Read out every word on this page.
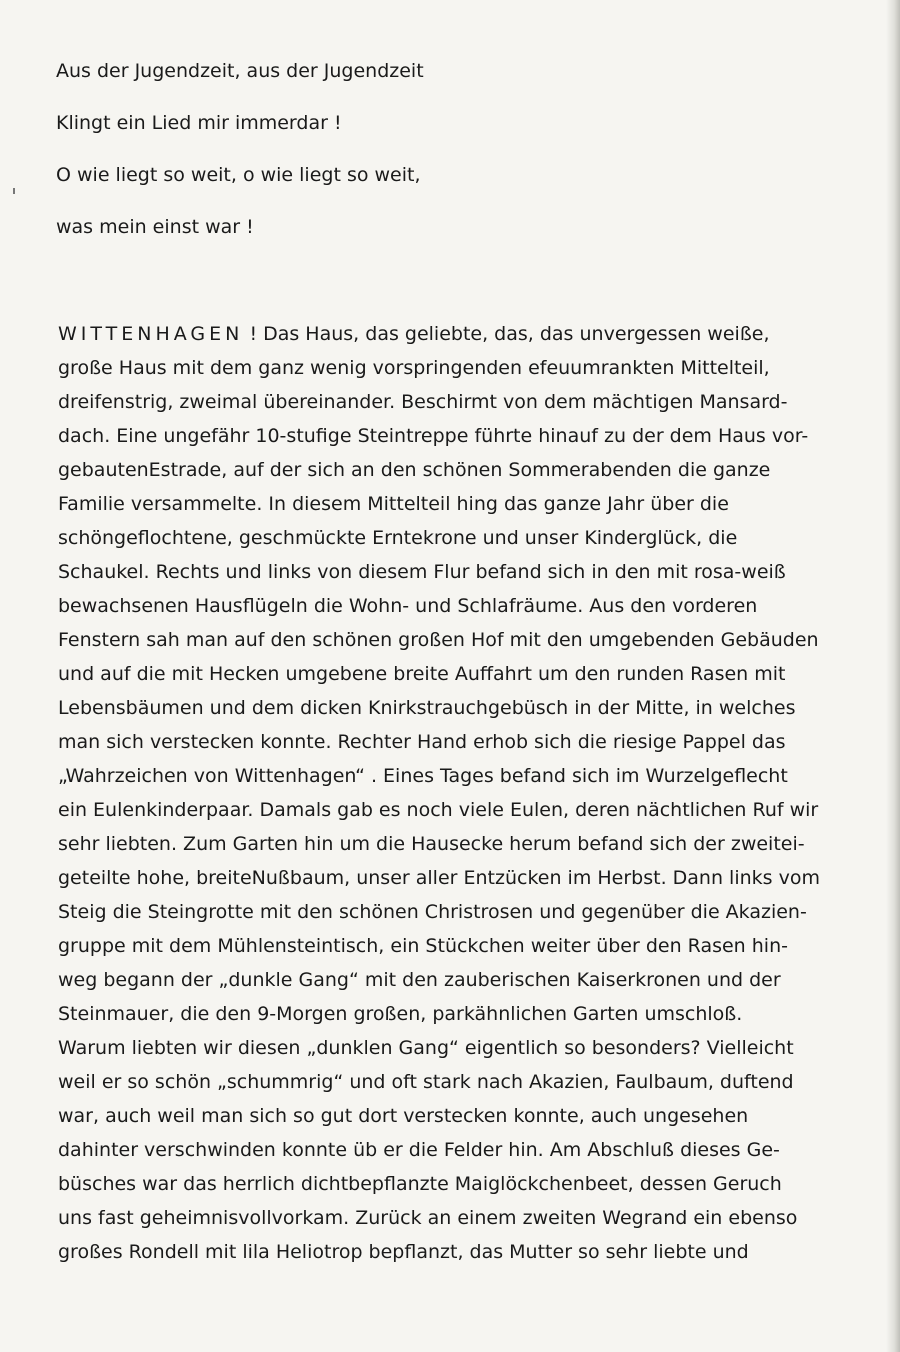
Aus der Jugendzeit, aus der Jugendzeit
Klingt ein Lied mir immerdar !
O wie liegt so weit, o wie liegt so weit,
was mein einst war !
WITTENHAGEN ! Das Haus, das geliebte, das, das unvergessen weiße,
große Haus mit dem ganz wenig vorspringenden efeuumrankten Mittelteil,
dreifenstrig, zweimal übereinander. Beschirmt von dem mächtigen Mansard-
dach. Eine ungefähr 10-stufige Steintreppe führte hinauf zu der dem Haus vor-
gebautenEstrade, auf der sich an den schönen Sommerabenden die ganze
Familie versammelte. In diesem Mittelteil hing das ganze Jahr über die
schöngeflochtene, geschmückte Erntekrone und unser Kinderglück, die
Schaukel. Rechts und links von diesem Flur befand sich in den mit rosa-weiß
bewachsenen Hausflügeln die Wohn- und Schlafräume. Aus den vorderen
Fenstern sah man auf den schönen großen Hof mit den umgebenden Gebäuden
und auf die mit Hecken umgebene breite Auffahrt um den runden Rasen mit
Lebensbäumen und dem dicken Knirkstrauchgebüsch in der Mitte, in welches
man sich verstecken konnte. Rechter Hand erhob sich die riesige Pappel das
„Wahrzeichen von Wittenhagen“ . Eines Tages befand sich im Wurzelgeflecht
ein Eulenkinderpaar. Damals gab es noch viele Eulen, deren nächtlichen Ruf wir
sehr liebten. Zum Garten hin um die Hausecke herum befand sich der zweitei-
geteilte hohe, breiteNußbaum, unser aller Entzücken im Herbst. Dann links vom
Steig die Steingrotte mit den schönen Christrosen und gegenüber die Akazien-
gruppe mit dem Mühlensteintisch, ein Stückchen weiter über den Rasen hin-
weg begann der „dunkle Gang“ mit den zauberischen Kaiserkronen und der
Steinmauer, die den 9-Morgen großen, parkähnlichen Garten umschloß.
Warum liebten wir diesen „dunklen Gang“ eigentlich so besonders? Vielleicht
weil er so schön „schummrig“ und oft stark nach Akazien, Faulbaum, duftend
war, auch weil man sich so gut dort verstecken konnte, auch ungesehen
dahinter verschwinden konnte üb er die Felder hin. Am Abschluß dieses Ge-
büsches war das herrlich dichtbepflanzte Maiglöckchenbeet, dessen Geruch
uns fast geheimnisvollvorkam. Zurück an einem zweiten Wegrand ein ebenso
großes Rondell mit lila Heliotrop bepflanzt, das Mutter so sehr liebte und
